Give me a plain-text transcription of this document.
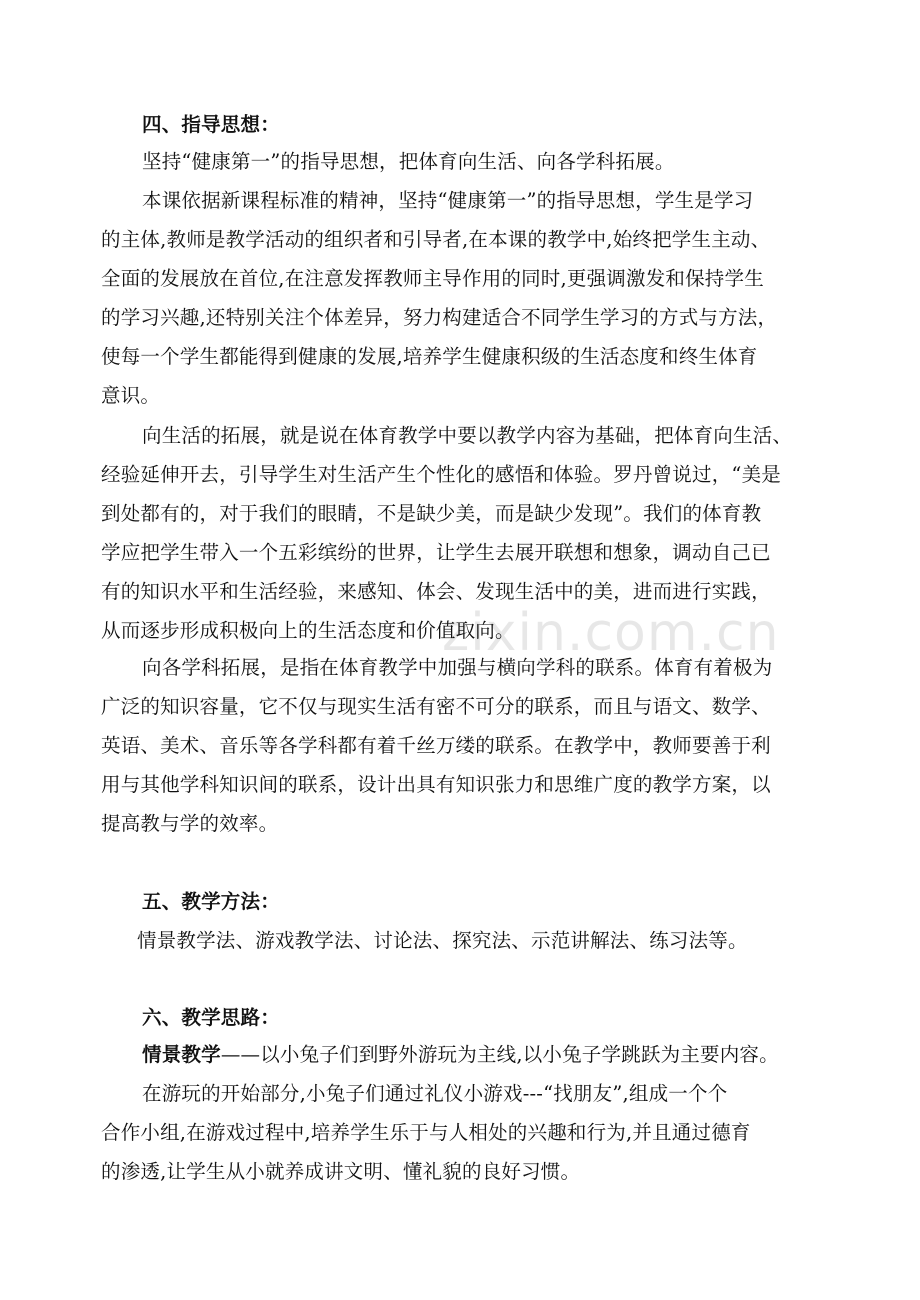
四、指导思想：
坚持“健康第一”的指导思想，把体育向生活、向各学科拓展。
本课依据新课程标准的精神，坚持“健康第一”的指导思想，学生是学习
的主体,教师是教学活动的组织者和引导者,在本课的教学中,始终把学生主动、
全面的发展放在首位,在注意发挥教师主导作用的同时,更强调激发和保持学生
的学习兴趣,还特别关注个体差异，努力构建适合不同学生学习的方式与方法，
使每一个学生都能得到健康的发展,培养学生健康积级的生活态度和终生体育
意识。
向生活的拓展，就是说在体育教学中要以教学内容为基础，把体育向生活、
经验延伸开去，引导学生对生活产生个性化的感悟和体验。罗丹曾说过，“美是
到处都有的，对于我们的眼睛，不是缺少美，而是缺少发现”。我们的体育教
学应把学生带入一个五彩缤纷的世界，让学生去展开联想和想象，调动自己已
有的知识水平和生活经验，来感知、体会、发现生活中的美，进而进行实践，
从而逐步形成积极向上的生活态度和价值取向。
向各学科拓展，是指在体育教学中加强与横向学科的联系。体育有着极为
广泛的知识容量，它不仅与现实生活有密不可分的联系，而且与语文、数学、
英语、美术、音乐等各学科都有着千丝万缕的联系。在教学中，教师要善于利
用与其他学科知识间的联系，设计出具有知识张力和思维广度的教学方案，以
提高教与学的效率。
五、教学方法：
情景教学法、游戏教学法、讨论法、探究法、示范讲解法、练习法等。
六、教学思路：
情景教学——以小兔子们到野外游玩为主线,以小兔子学跳跃为主要内容。
在游玩的开始部分,小兔子们通过礼仪小游戏---“找朋友”,组成一个个
合作小组,在游戏过程中,培养学生乐于与人相处的兴趣和行为,并且通过德育
的渗透,让学生从小就养成讲文明、懂礼貌的良好习惯。
zixin.com.cn
